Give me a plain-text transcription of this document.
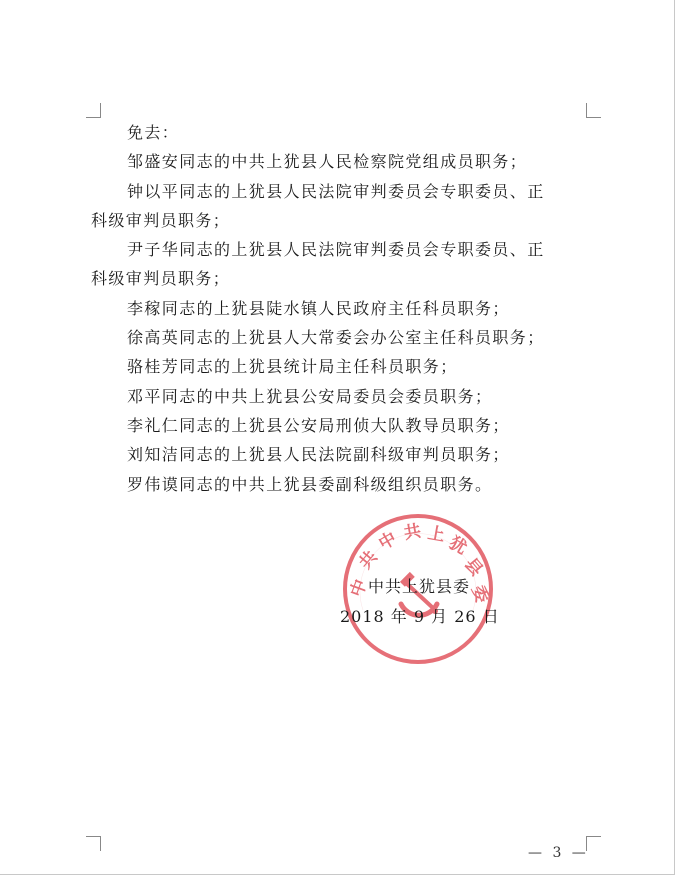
免去：

邹盛安同志的中共上犹县人民检察院党组成员职务；

钟以平同志的上犹县人民法院审判委员会专职委员、正

科级审判员职务；

尹子华同志的上犹县人民法院审判委员会专职委员、正

科级审判员职务；

李稼同志的上犹县陡水镇人民政府主任科员职务；

徐高英同志的上犹县人大常委会办公室主任科员职务；

骆桂芳同志的上犹县统计局主任科员职务；

邓平同志的中共上犹县公安局委员会委员职务；

李礼仁同志的上犹县公安局刑侦大队教导员职务；

刘知洁同志的上犹县人民法院副科级审判员职务；

罗伟谟同志的中共上犹县委副科级组织员职务。

中
共
中 共 上 犹
县
委
中共上犹县委
2018 年 9 月 26 日
— 3 —
